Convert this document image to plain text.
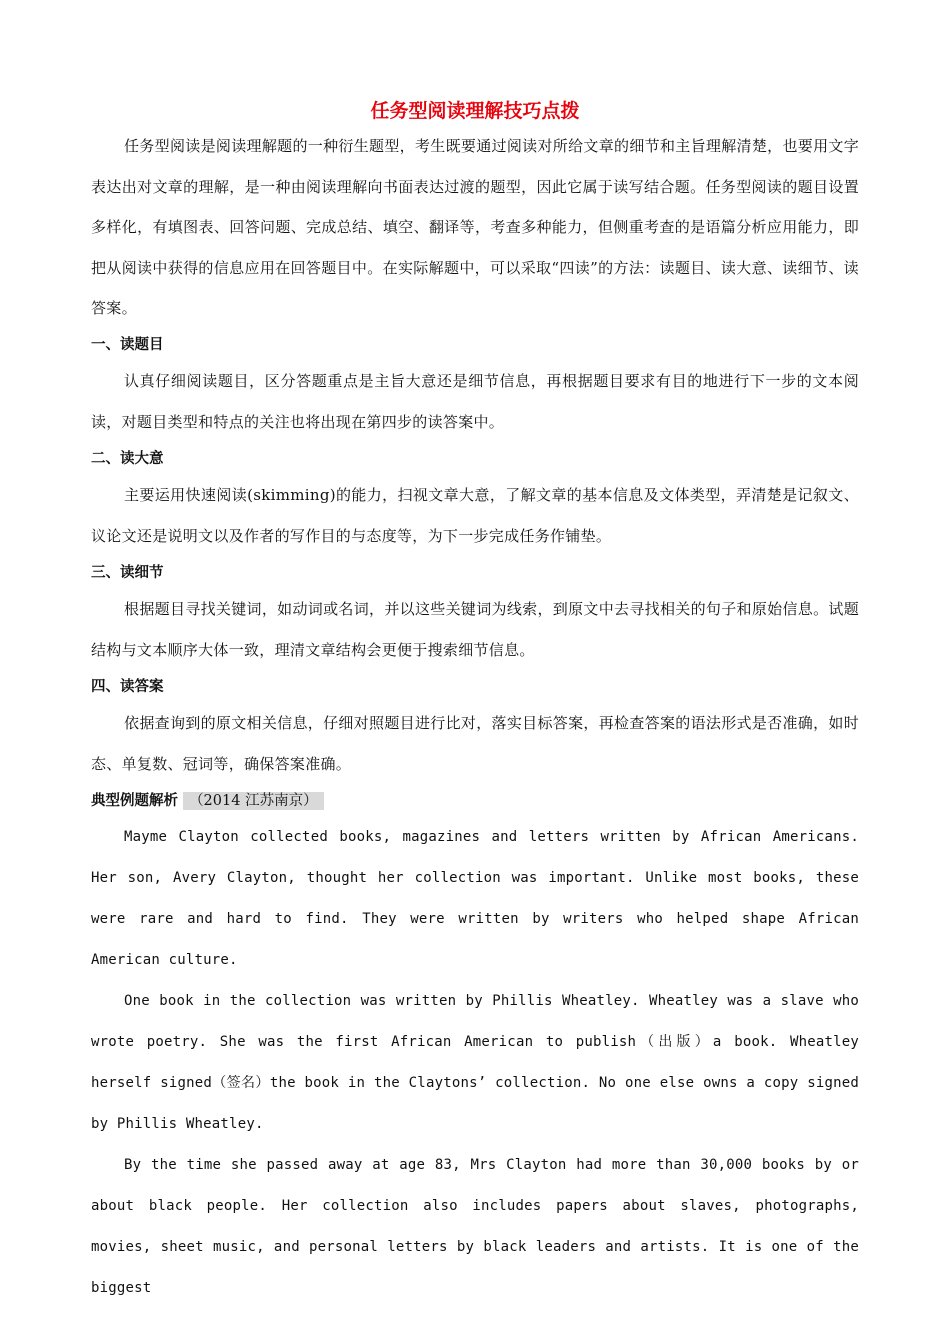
任务型阅读理解技巧点拨

任务型阅读是阅读理解题的一种衍生题型，考生既要通过阅读对所给文章的细节和主旨理解清楚，也要用文字表达出对文章的理解，是一种由阅读理解向书面表达过渡的题型，因此它属于读写结合题。任务型阅读的题目设置多样化，有填图表、回答问题、完成总结、填空、翻译等，考查多种能力，但侧重考查的是语篇分析应用能力，即把从阅读中获得的信息应用在回答题目中。在实际解题中，可以采取“四读”的方法：读题目、读大意、读细节、读答案。

一、读题目

认真仔细阅读题目，区分答题重点是主旨大意还是细节信息，再根据题目要求有目的地进行下一步的文本阅读，对题目类型和特点的关注也将出现在第四步的读答案中。

二、读大意

主要运用快速阅读(skimming)的能力，扫视文章大意，了解文章的基本信息及文体类型，弄清楚是记叙文、议论文还是说明文以及作者的写作目的与态度等，为下一步完成任务作铺垫。

三、读细节

根据题目寻找关键词，如动词或名词，并以这些关键词为线索，到原文中去寻找相关的句子和原始信息。试题结构与文本顺序大体一致，理清文章结构会更便于搜索细节信息。

四、读答案

依据查询到的原文相关信息，仔细对照题目进行比对，落实目标答案，再检查答案的语法形式是否准确，如时态、单复数、冠词等，确保答案准确。

典型例题解析 （2014 江苏南京）

Mayme Clayton collected books, magazines and letters written by African Americans. Her son, Avery Clayton, thought her collection was important. Unlike most books, these were rare and hard to find. They were written by writers who helped shape African American culture.

One book in the collection was written by Phillis Wheatley. Wheatley was a slave who wrote poetry. She was the first African American to publish（出版）a book. Wheatley herself signed（签名）the book in the Claytons’ collection. No one else owns a copy signed by Phillis Wheatley.

By the time she passed away at age 83, Mrs Clayton had more than 30,000 books by or about black people. Her collection also includes papers about slaves, photographs, movies, sheet music, and personal letters by black leaders and artists. It is one of the biggest
